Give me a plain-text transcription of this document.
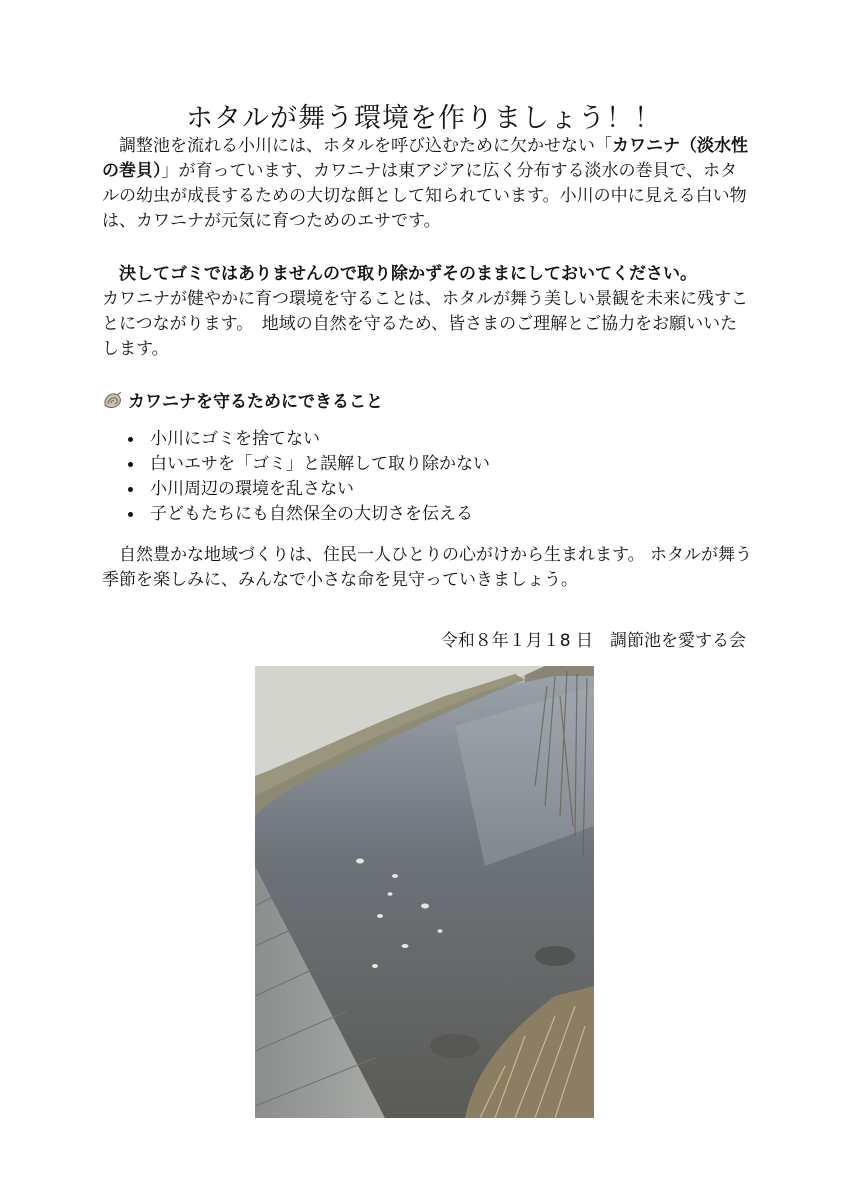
ホタルが舞う環境を作りましょう！！

　調整池を流れる小川には、ホタルを呼び込むために欠かせない「カワニナ（淡水性の巻貝）」が育っています、カワニナは東アジアに広く分布する淡水の巻貝で、ホタルの幼虫が成長するための大切な餌として知られています。小川の中に見える白い物は、カワニナが元気に育つためのエサです。

　決してゴミではありませんので取り除かずそのままにしておいてください。
カワニナが健やかに育つ環境を守ることは、ホタルが舞う美しい景観を未来に残すことにつながります。　地域の自然を守るため、皆さまのご理解とご協力をお願いいたします。

カワニナを守るためにできること
小川にゴミを捨てない
白いエサを「ゴミ」と誤解して取り除かない
小川周辺の環境を乱さない
子どもたちにも自然保全の大切さを伝える

　自然豊かな地域づくりは、住民一人ひとりの心がけから生まれます。 ホタルが舞う季節を楽しみに、みんなで小さな命を見守っていきましょう。

令和８年１月１8 日　調節池を愛する会
